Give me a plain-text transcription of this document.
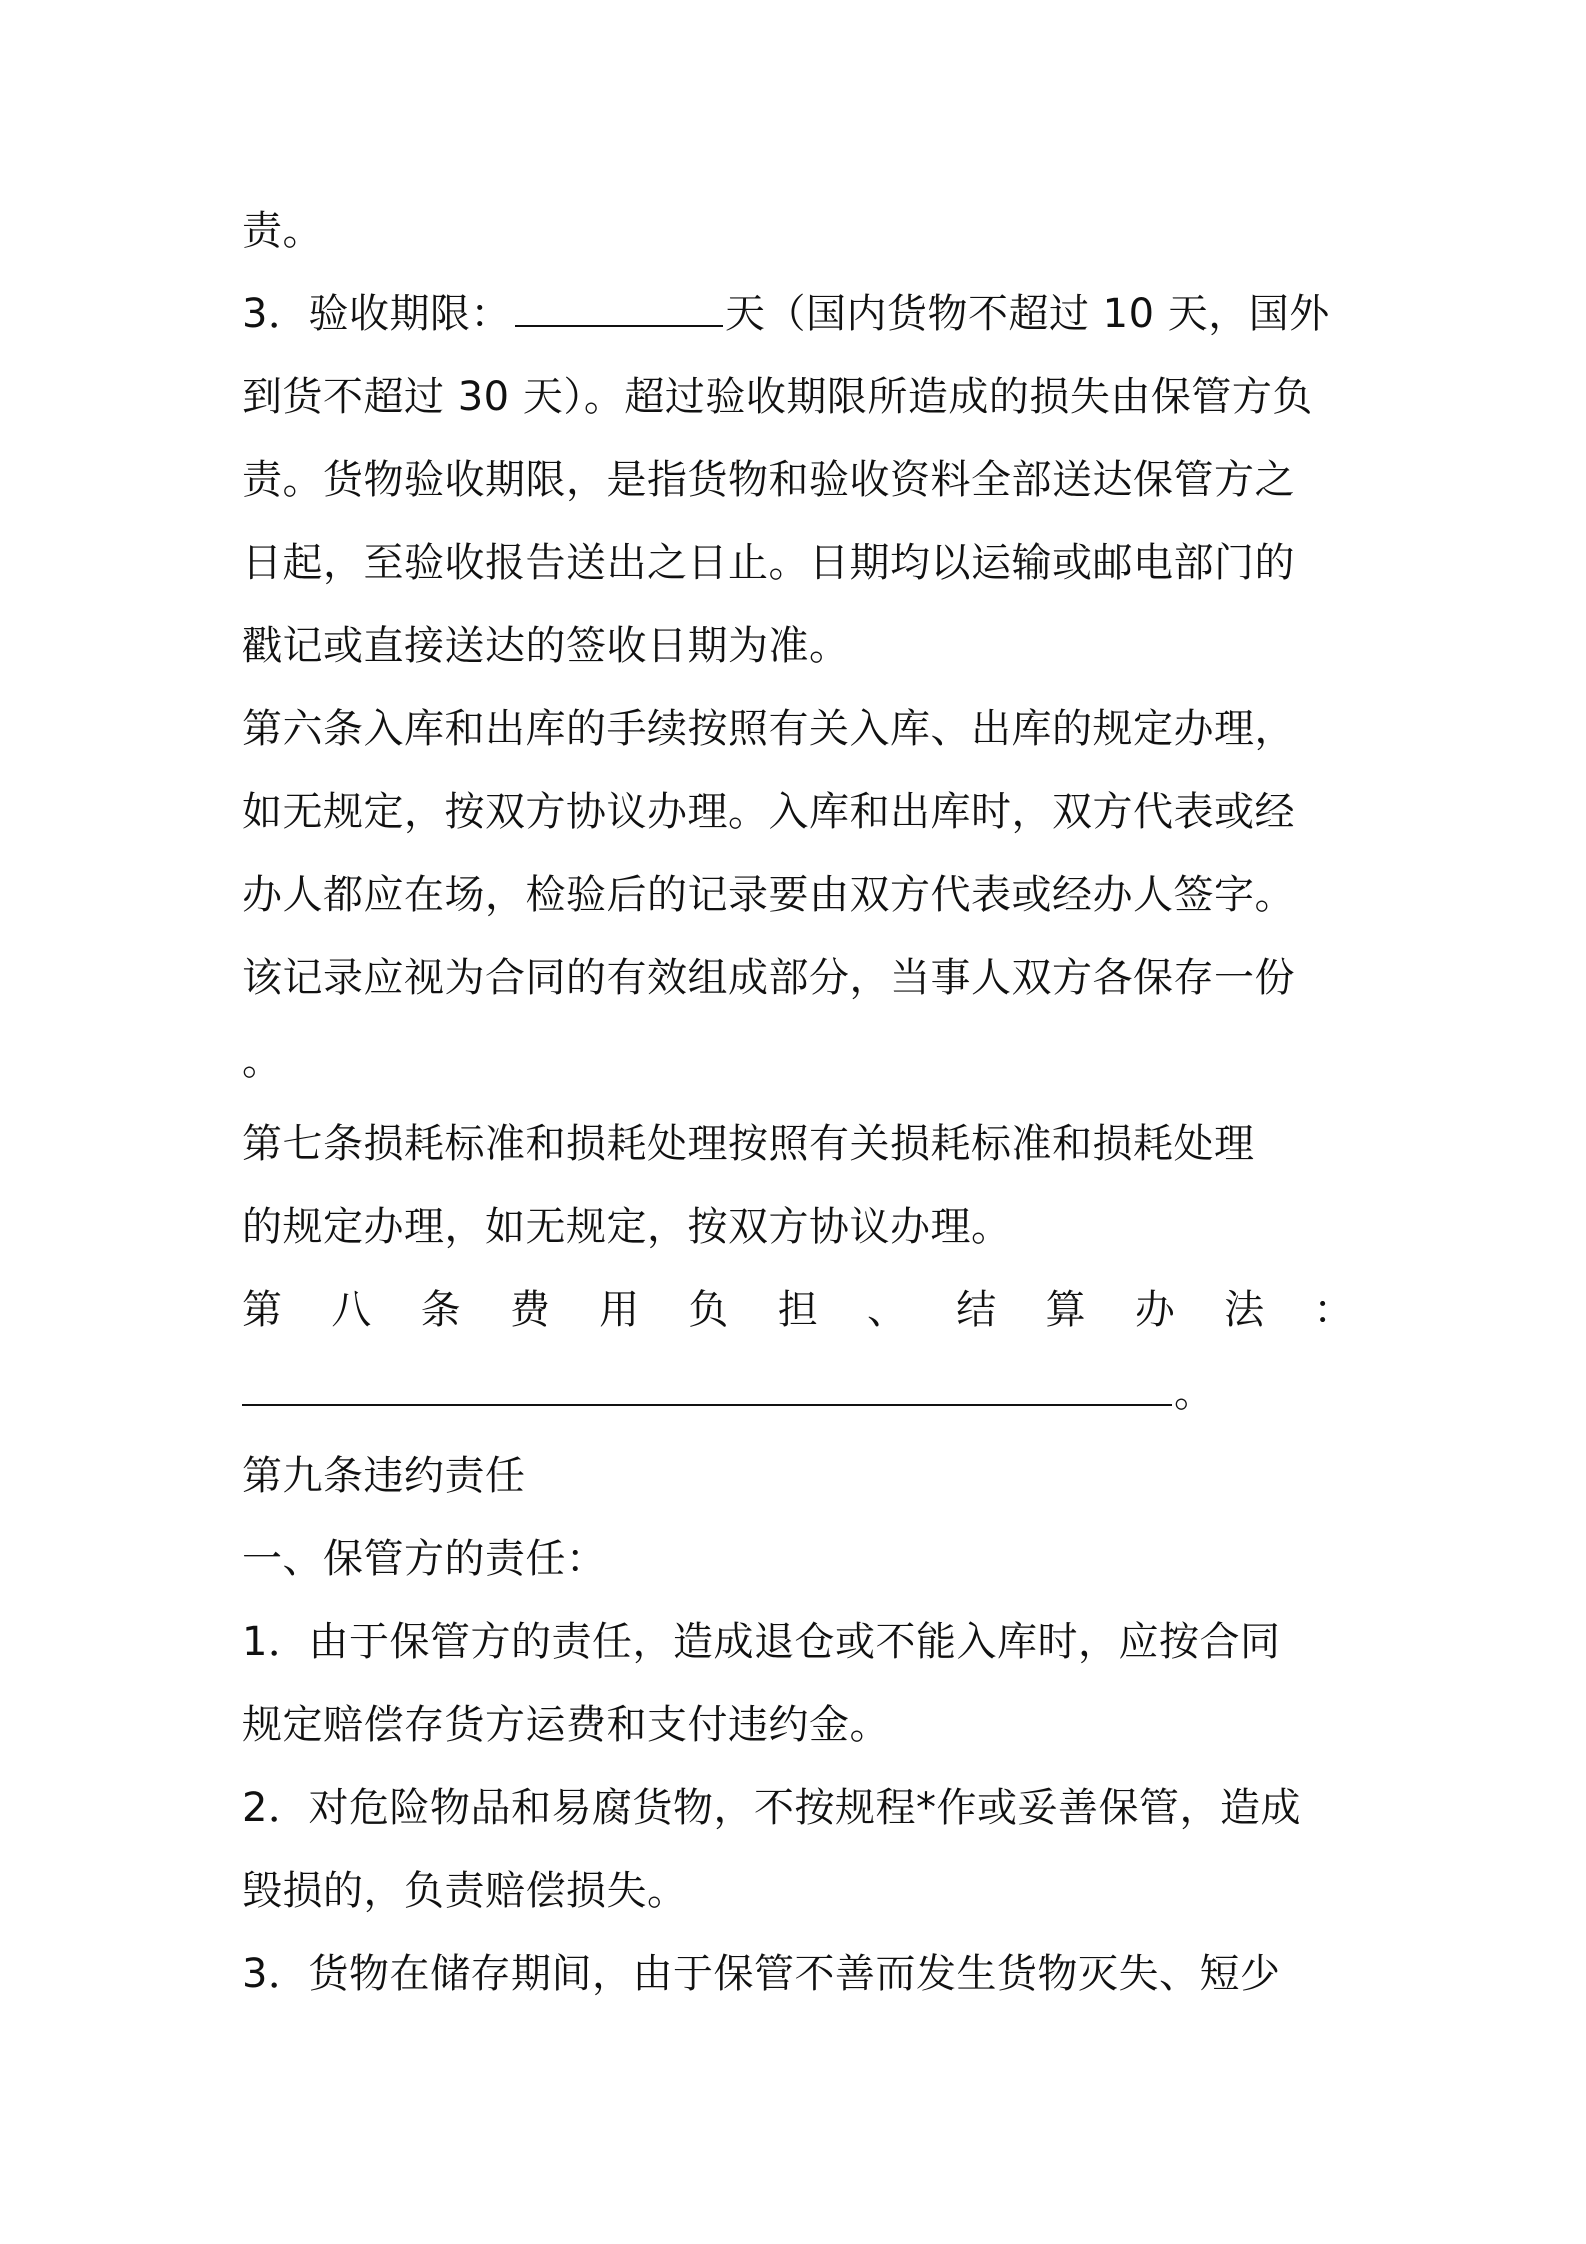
责。
3．验收期限：	天（国内货物不超过 10 天，国外
到货不超过 30 天）。超过验收期限所造成的损失由保管方负
责。货物验收期限，是指货物和验收资料全部送达保管方之
日起，至验收报告送出之日止。日期均以运输或邮电部门的
戳记或直接送达的签收日期为准。
第六条入库和出库的手续按照有关入库、出库的规定办理，
如无规定，按双方协议办理。入库和出库时，双方代表或经
办人都应在场，检验后的记录要由双方代表或经办人签字。
该记录应视为合同的有效组成部分，当事人双方各保存一份
。
第七条损耗标准和损耗处理按照有关损耗标准和损耗处理
的规定办理，如无规定，按双方协议办理。
第 八 条 费 用 负 担 、 结 算 办 法 ：
。
第九条违约责任
一、保管方的责任：
1．由于保管方的责任，造成退仓或不能入库时，应按合同
规定赔偿存货方运费和支付违约金。
2．对危险物品和易腐货物，不按规程*作或妥善保管，造成
毁损的，负责赔偿损失。
3．货物在储存期间，由于保管不善而发生货物灭失、短少
